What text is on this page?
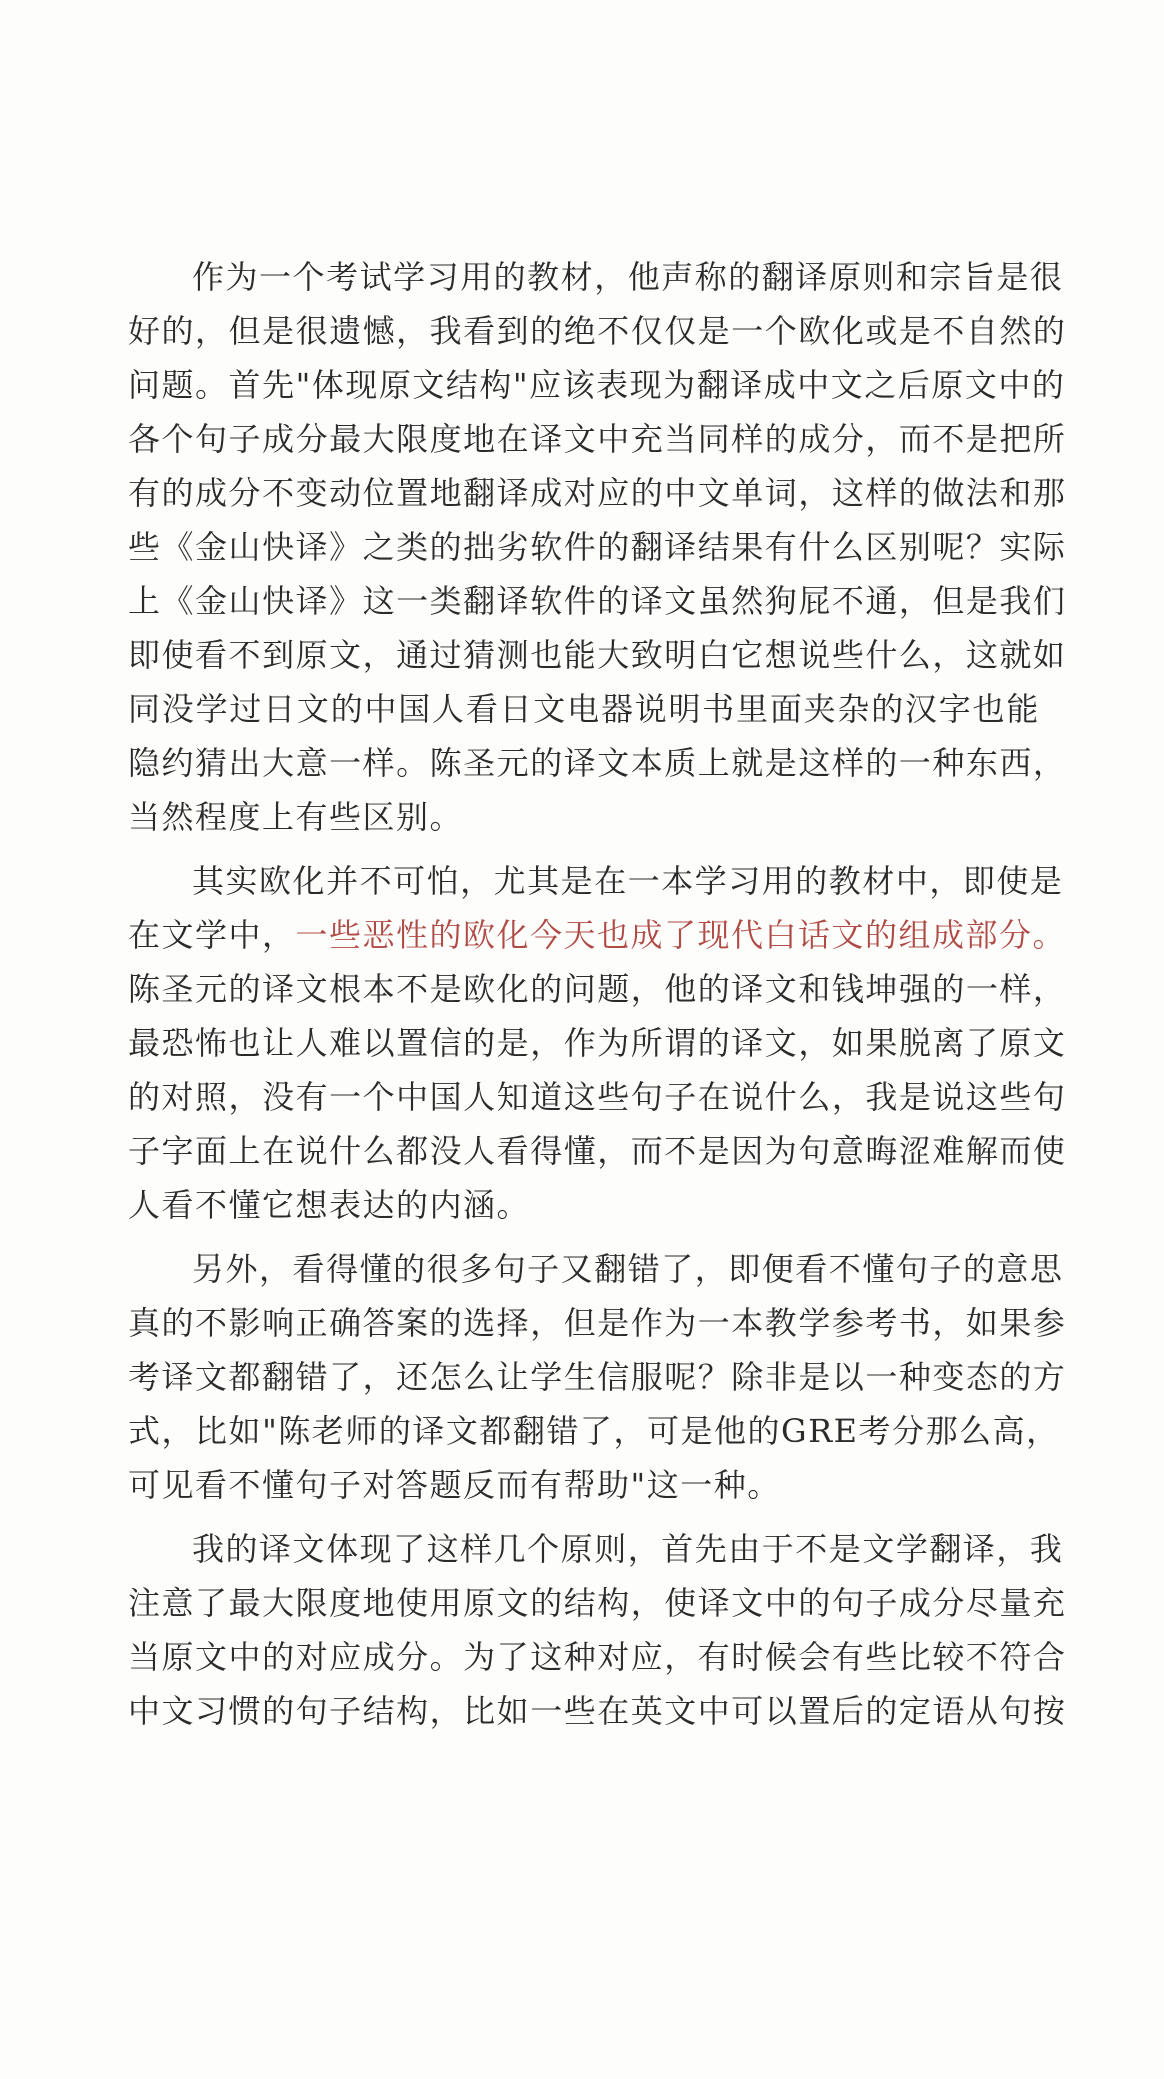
作 为 一 个 考 试 学 习 用 的 教 材 ， 他 声 称 的 翻 译 原 则 和 宗 旨 是 很
好 的 ， 但 是 很 遗 憾 ， 我 看 到 的 绝 不 仅 仅 是 一 个 欧 化 或 是 不 自 然 的
问 题 。 首 先 " 体 现 原 文 结 构 " 应 该 表 现 为 翻 译 成 中 文 之 后 原 文 中 的
各 个 句 子 成 分 最 大 限 度 地 在 译 文 中 充 当 同 样 的 成 分 ， 而 不 是 把 所
有 的 成 分 不 变 动 位 置 地 翻 译 成 对 应 的 中 文 单 词 ， 这 样 的 做 法 和 那
些 《 金 山 快 译 》 之 类 的 拙 劣 软 件 的 翻 译 结 果 有 什 么 区 别 呢 ？ 实 际
上 《 金 山 快 译 》 这 一 类 翻 译 软 件 的 译 文 虽 然 狗 屁 不 通 ， 但 是 我 们
即 使 看 不 到 原 文 ， 通 过 猜 测 也 能 大 致 明 白 它 想 说 些 什 么 ， 这 就 如
同 没 学 过 日 文 的 中 国 人 看 日 文 电 器 说 明 书 里 面 夹 杂 的 汉 字 也 能
隐 约 猜 出 大 意 一 样 。 陈 圣 元 的 译 文 本 质 上 就 是 这 样 的 一 种 东 西 ，
当然程度上有些区别。
其 实 欧 化 并 不 可 怕 ， 尤 其 是 在 一 本 学 习 用 的 教 材 中 ， 即 使 是
在文学中， 一些恶性的欧化今天也成了现代白话文的组成部分。
陈 圣 元 的 译 文 根 本 不 是 欧 化 的 问 题 ， 他 的 译 文 和 钱 坤 强 的 一 样 ，
最 恐 怖 也 让 人 难 以 置 信 的 是 ， 作 为 所 谓 的 译 文 ， 如 果 脱 离 了 原 文
的 对 照 ， 没 有 一 个 中 国 人 知 道 这 些 句 子 在 说 什 么 ， 我 是 说 这 些 句
子 字 面 上 在 说 什 么 都 没 人 看 得 懂 ， 而 不 是 因 为 句 意 晦 涩 难 解 而 使
人看不懂它想表达的内涵。
另 外 ， 看 得 懂 的 很 多 句 子 又 翻 错 了 ， 即 便 看 不 懂 句 子 的 意 思
真 的 不 影 响 正 确 答 案 的 选 择 ， 但 是 作 为 一 本 教 学 参 考 书 ， 如 果 参
考 译 文 都 翻 错 了 ， 还 怎 么 让 学 生 信 服 呢 ？ 除 非 是 以 一 种 变 态 的 方
式 ， 比 如 " 陈 老 师 的 译 文 都 翻 错 了 ， 可 是 他 的 G R E 考 分 那 么 高 ，
可见看不懂句子对答题反而有帮助"这一种。
我 的 译 文 体 现 了 这 样 几 个 原 则 ， 首 先 由 于 不 是 文 学 翻 译 ， 我
注 意 了 最 大 限 度 地 使 用 原 文 的 结 构 ， 使 译 文 中 的 句 子 成 分 尽 量 充
当 原 文 中 的 对 应 成 分 。 为 了 这 种 对 应 ， 有 时 候 会 有 些 比 较 不 符 合
中 文 习 惯 的 句 子 结 构 ， 比 如 一 些 在 英 文 中 可 以 置 后 的 定 语 从 句 按
